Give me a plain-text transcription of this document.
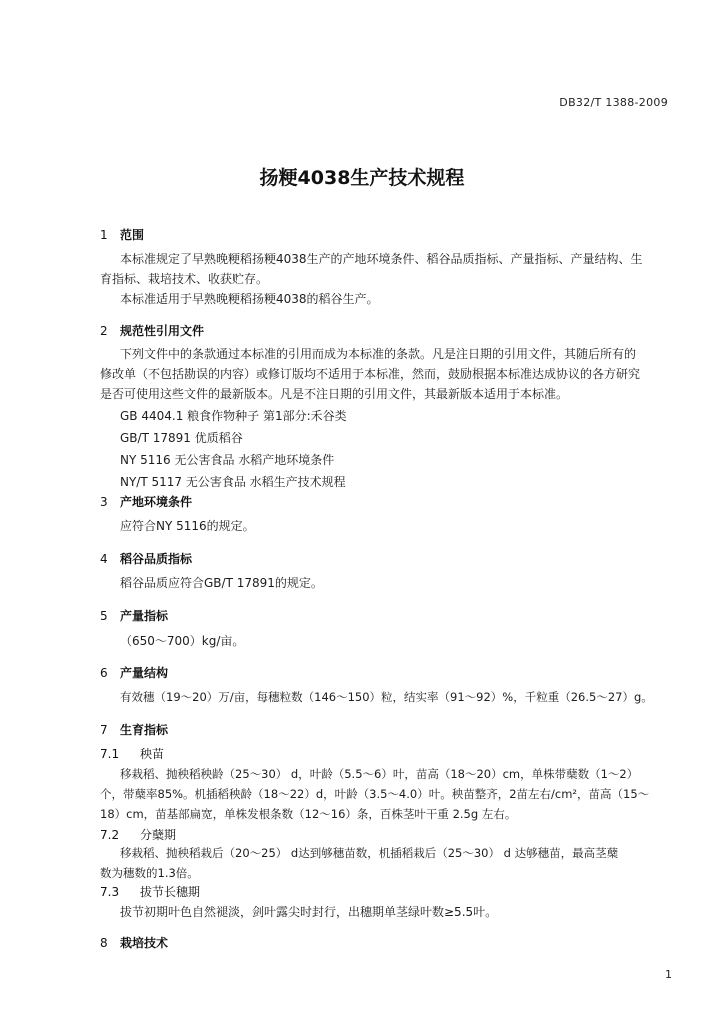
DB32/T 1388-2009
扬粳4038生产技术规程
1 范围
本标准规定了早熟晚粳稻扬粳4038生产的产地环境条件、稻谷品质指标、产量指标、产量结构、生
育指标、栽培技术、收获贮存。
本标准适用于早熟晚粳稻扬粳4038的稻谷生产。
2 规范性引用文件
下列文件中的条款通过本标准的引用而成为本标准的条款。凡是注日期的引用文件，其随后所有的
修改单（不包括勘误的内容）或修订版均不适用于本标准，然而，鼓励根据本标准达成协议的各方研究
是否可使用这些文件的最新版本。凡是不注日期的引用文件，其最新版本适用于本标准。
GB 4404.1 粮食作物种子 第1部分:禾谷类
GB/T 17891 优质稻谷
NY 5116 无公害食品 水稻产地环境条件
NY/T 5117 无公害食品 水稻生产技术规程
3 产地环境条件
应符合NY 5116的规定。
4 稻谷品质指标
稻谷品质应符合GB/T 17891的规定。
5 产量指标
（650～700）kg/亩。
6 产量结构
有效穗（19～20）万/亩，每穗粒数（146～150）粒，结实率（91～92）%，千粒重（26.5～27）g。
7 生育指标
7.1 秧苗
移栽稻、抛秧稻秧龄（25～30） d，叶龄（5.5～6）叶，苗高（18～20）cm，单株带蘖数（1～2）
个，带蘖率85%。机插稻秧龄（18～22）d，叶龄（3.5～4.0）叶。秧苗整齐，2苗左右/cm²，苗高（15～
18）cm，苗基部扁宽，单株发根条数（12～16）条，百株茎叶干重 2.5g 左右。
7.2 分蘖期
移栽稻、抛秧稻栽后（20～25） d达到够穗苗数，机插稻栽后（25～30） d 达够穗苗，最高茎蘖
数为穗数的1.3倍。
7.3 拔节长穗期
拔节初期叶色自然褪淡，剑叶露尖时封行，出穗期单茎绿叶数≥5.5叶。
8 栽培技术
1
